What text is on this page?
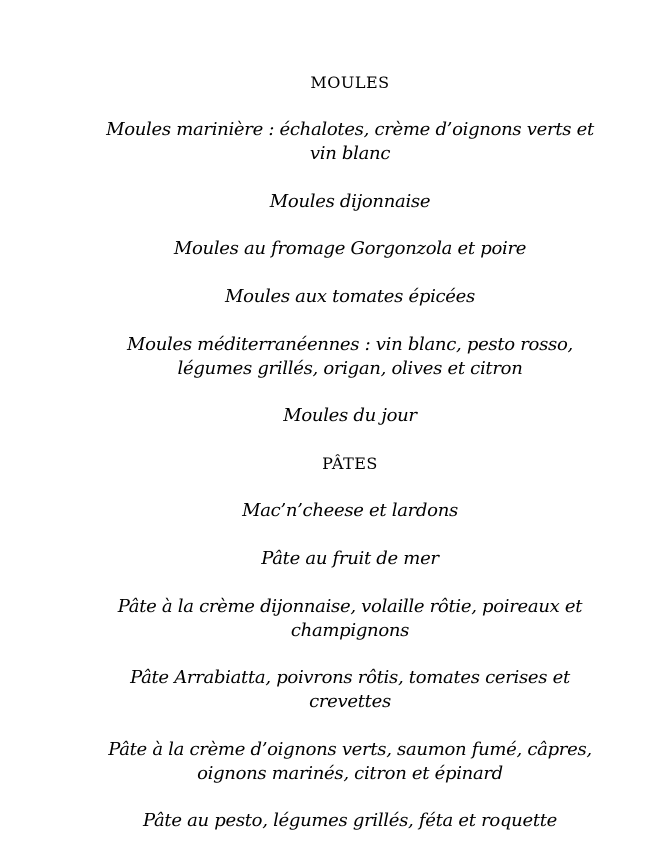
MOULES
Moules marinière : échalotes, crème d’oignons verts et
vin blanc
Moules dijonnaise
Moules au fromage Gorgonzola et poire
Moules aux tomates épicées
Moules méditerranéennes : vin blanc, pesto rosso,
légumes grillés, origan, olives et citron
Moules du jour
PÂTES
Mac’n’cheese et lardons
Pâte au fruit de mer
Pâte à la crème dijonnaise, volaille rôtie, poireaux et
champignons
Pâte Arrabiatta, poivrons rôtis, tomates cerises et
crevettes
Pâte à la crème d’oignons verts, saumon fumé, câpres,
oignons marinés, citron et épinard
Pâte au pesto, légumes grillés, féta et roquette
